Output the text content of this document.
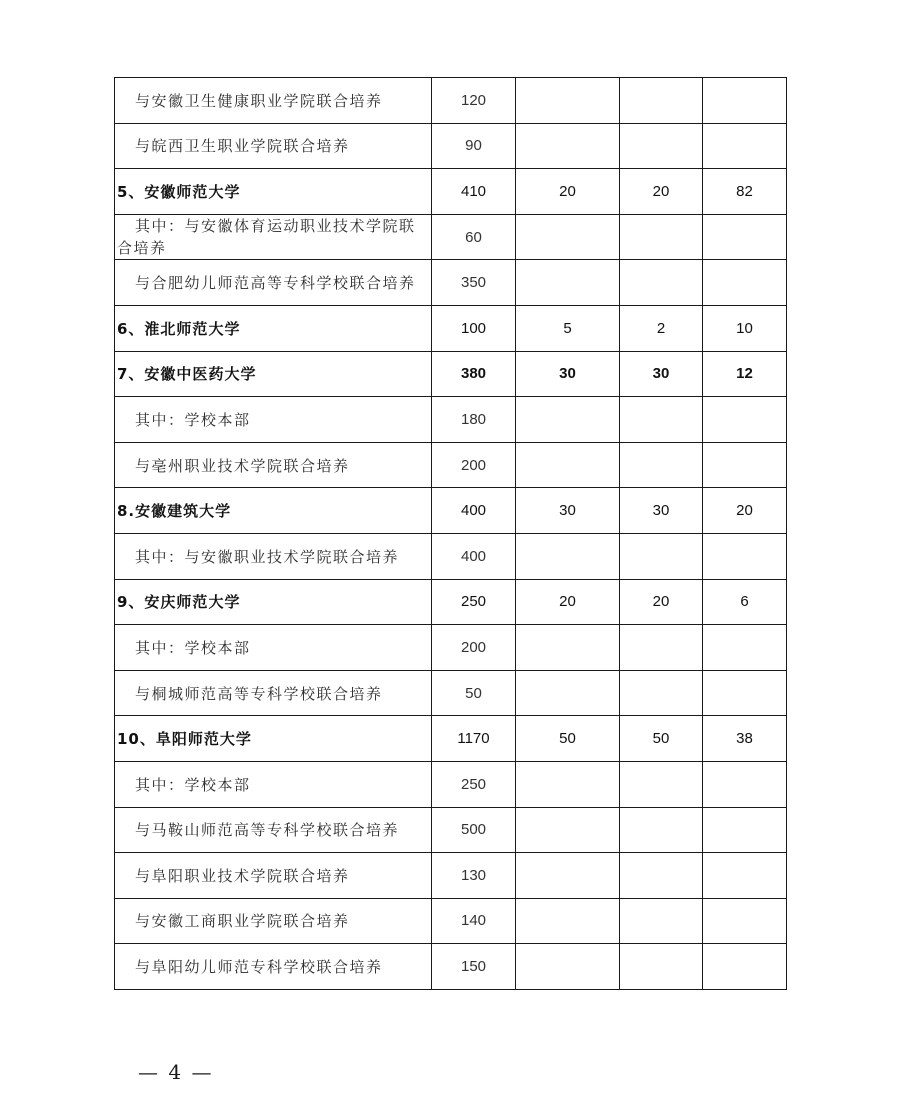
与安徽卫生健康职业学院联合培养	120			
与皖西卫生职业学院联合培养	90			
5、安徽师范大学	410	20	20	82
其中：与安徽体育运动职业技术学院联合培养	60			
与合肥幼儿师范高等专科学校联合培养	350			
6、淮北师范大学	100	5	2	10
7、安徽中医药大学	380	30	30	12
其中：学校本部	180			
与亳州职业技术学院联合培养	200			
8.安徽建筑大学	400	30	30	20
其中：与安徽职业技术学院联合培养	400			
9、安庆师范大学	250	20	20	6
其中：学校本部	200			
与桐城师范高等专科学校联合培养	50			
10、阜阳师范大学	1170	50	50	38
其中：学校本部	250			
与马鞍山师范高等专科学校联合培养	500			
与阜阳职业技术学院联合培养	130			
与安徽工商职业学院联合培养	140			
与阜阳幼儿师范专科学校联合培养	150			
— 4 —
